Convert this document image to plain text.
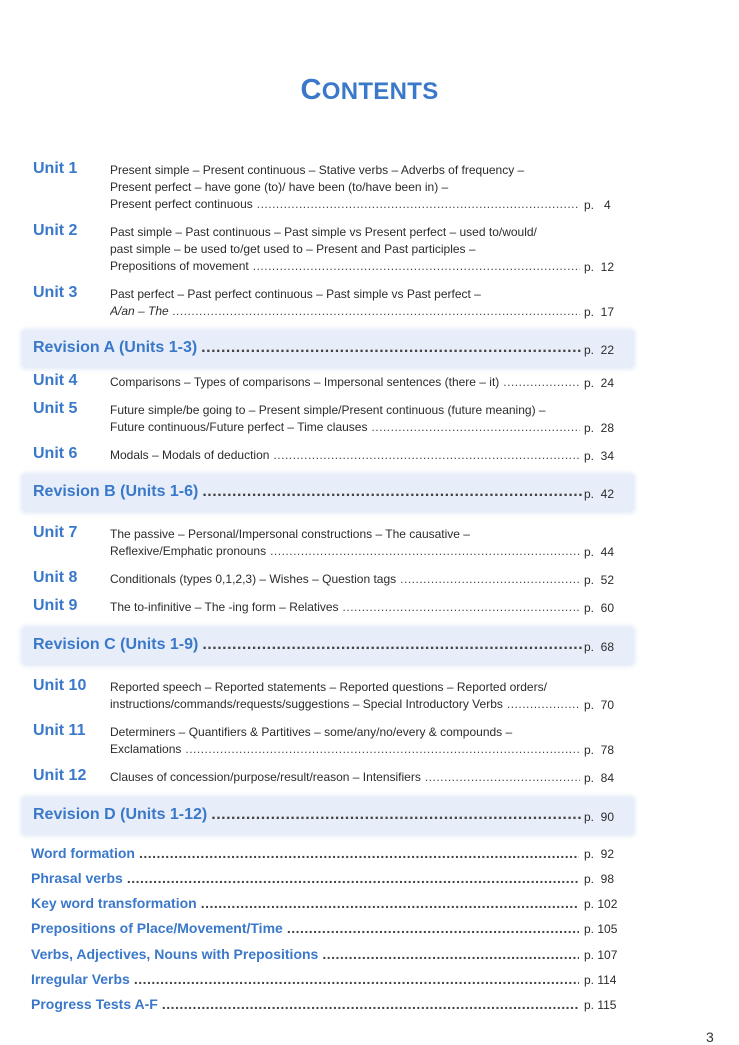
CONTENTS
Unit 1	Present simple – Present continuous – Stative verbs – Adverbs of frequency –
Present perfect – have gone (to)/ have been (to/have been in) –
Present perfect continuous .....	p.   4
Unit 2	Past simple – Past continuous – Past simple vs Present perfect – used to/would/
past simple – be used to/get used to – Present and Past participles –
Prepositions of movement .....	p.  12
Unit 3	Past perfect – Past perfect continuous – Past simple vs Past perfect –
A/an – The .....	p.  17
Revision A (Units 1-3) .....	p.  22
Unit 4	Comparisons – Types of comparisons – Impersonal sentences (there – it) .....	p.  24
Unit 5	Future simple/be going to – Present simple/Present continuous (future meaning) –
Future continuous/Future perfect – Time clauses .....	p.  28
Unit 6	Modals – Modals of deduction .....	p.  34
Revision B (Units 1-6) .....	p.  42
Unit 7	The passive – Personal/Impersonal constructions – The causative –
Reflexive/Emphatic pronouns .....	p.  44
Unit 8	Conditionals (types 0,1,2,3) – Wishes – Question tags .....	p.  52
Unit 9	The to-infinitive – The -ing form – Relatives .....	p.  60
Revision C (Units 1-9) .....	p.  68
Unit 10 Reported speech – Reported statements – Reported questions – Reported orders/
instructions/commands/requests/suggestions – Special Introductory Verbs .....	p.  70
Unit 11 Determiners – Quantifiers & Partitives – some/any/no/every & compounds –
Exclamations .....	p.  78
Unit 12 Clauses of concession/purpose/result/reason – Intensifiers .....	p.  84
Revision D (Units 1-12) .....	p.  90
Word formation .....	p.  92
Phrasal verbs .....	p.  98
Key word transformation .....	p. 102
Prepositions of Place/Movement/Time .....	p. 105
Verbs, Adjectives, Nouns with Prepositions .....	p. 107
Irregular Verbs .....	p. 114
Progress Tests A-F .....	p. 115
3
